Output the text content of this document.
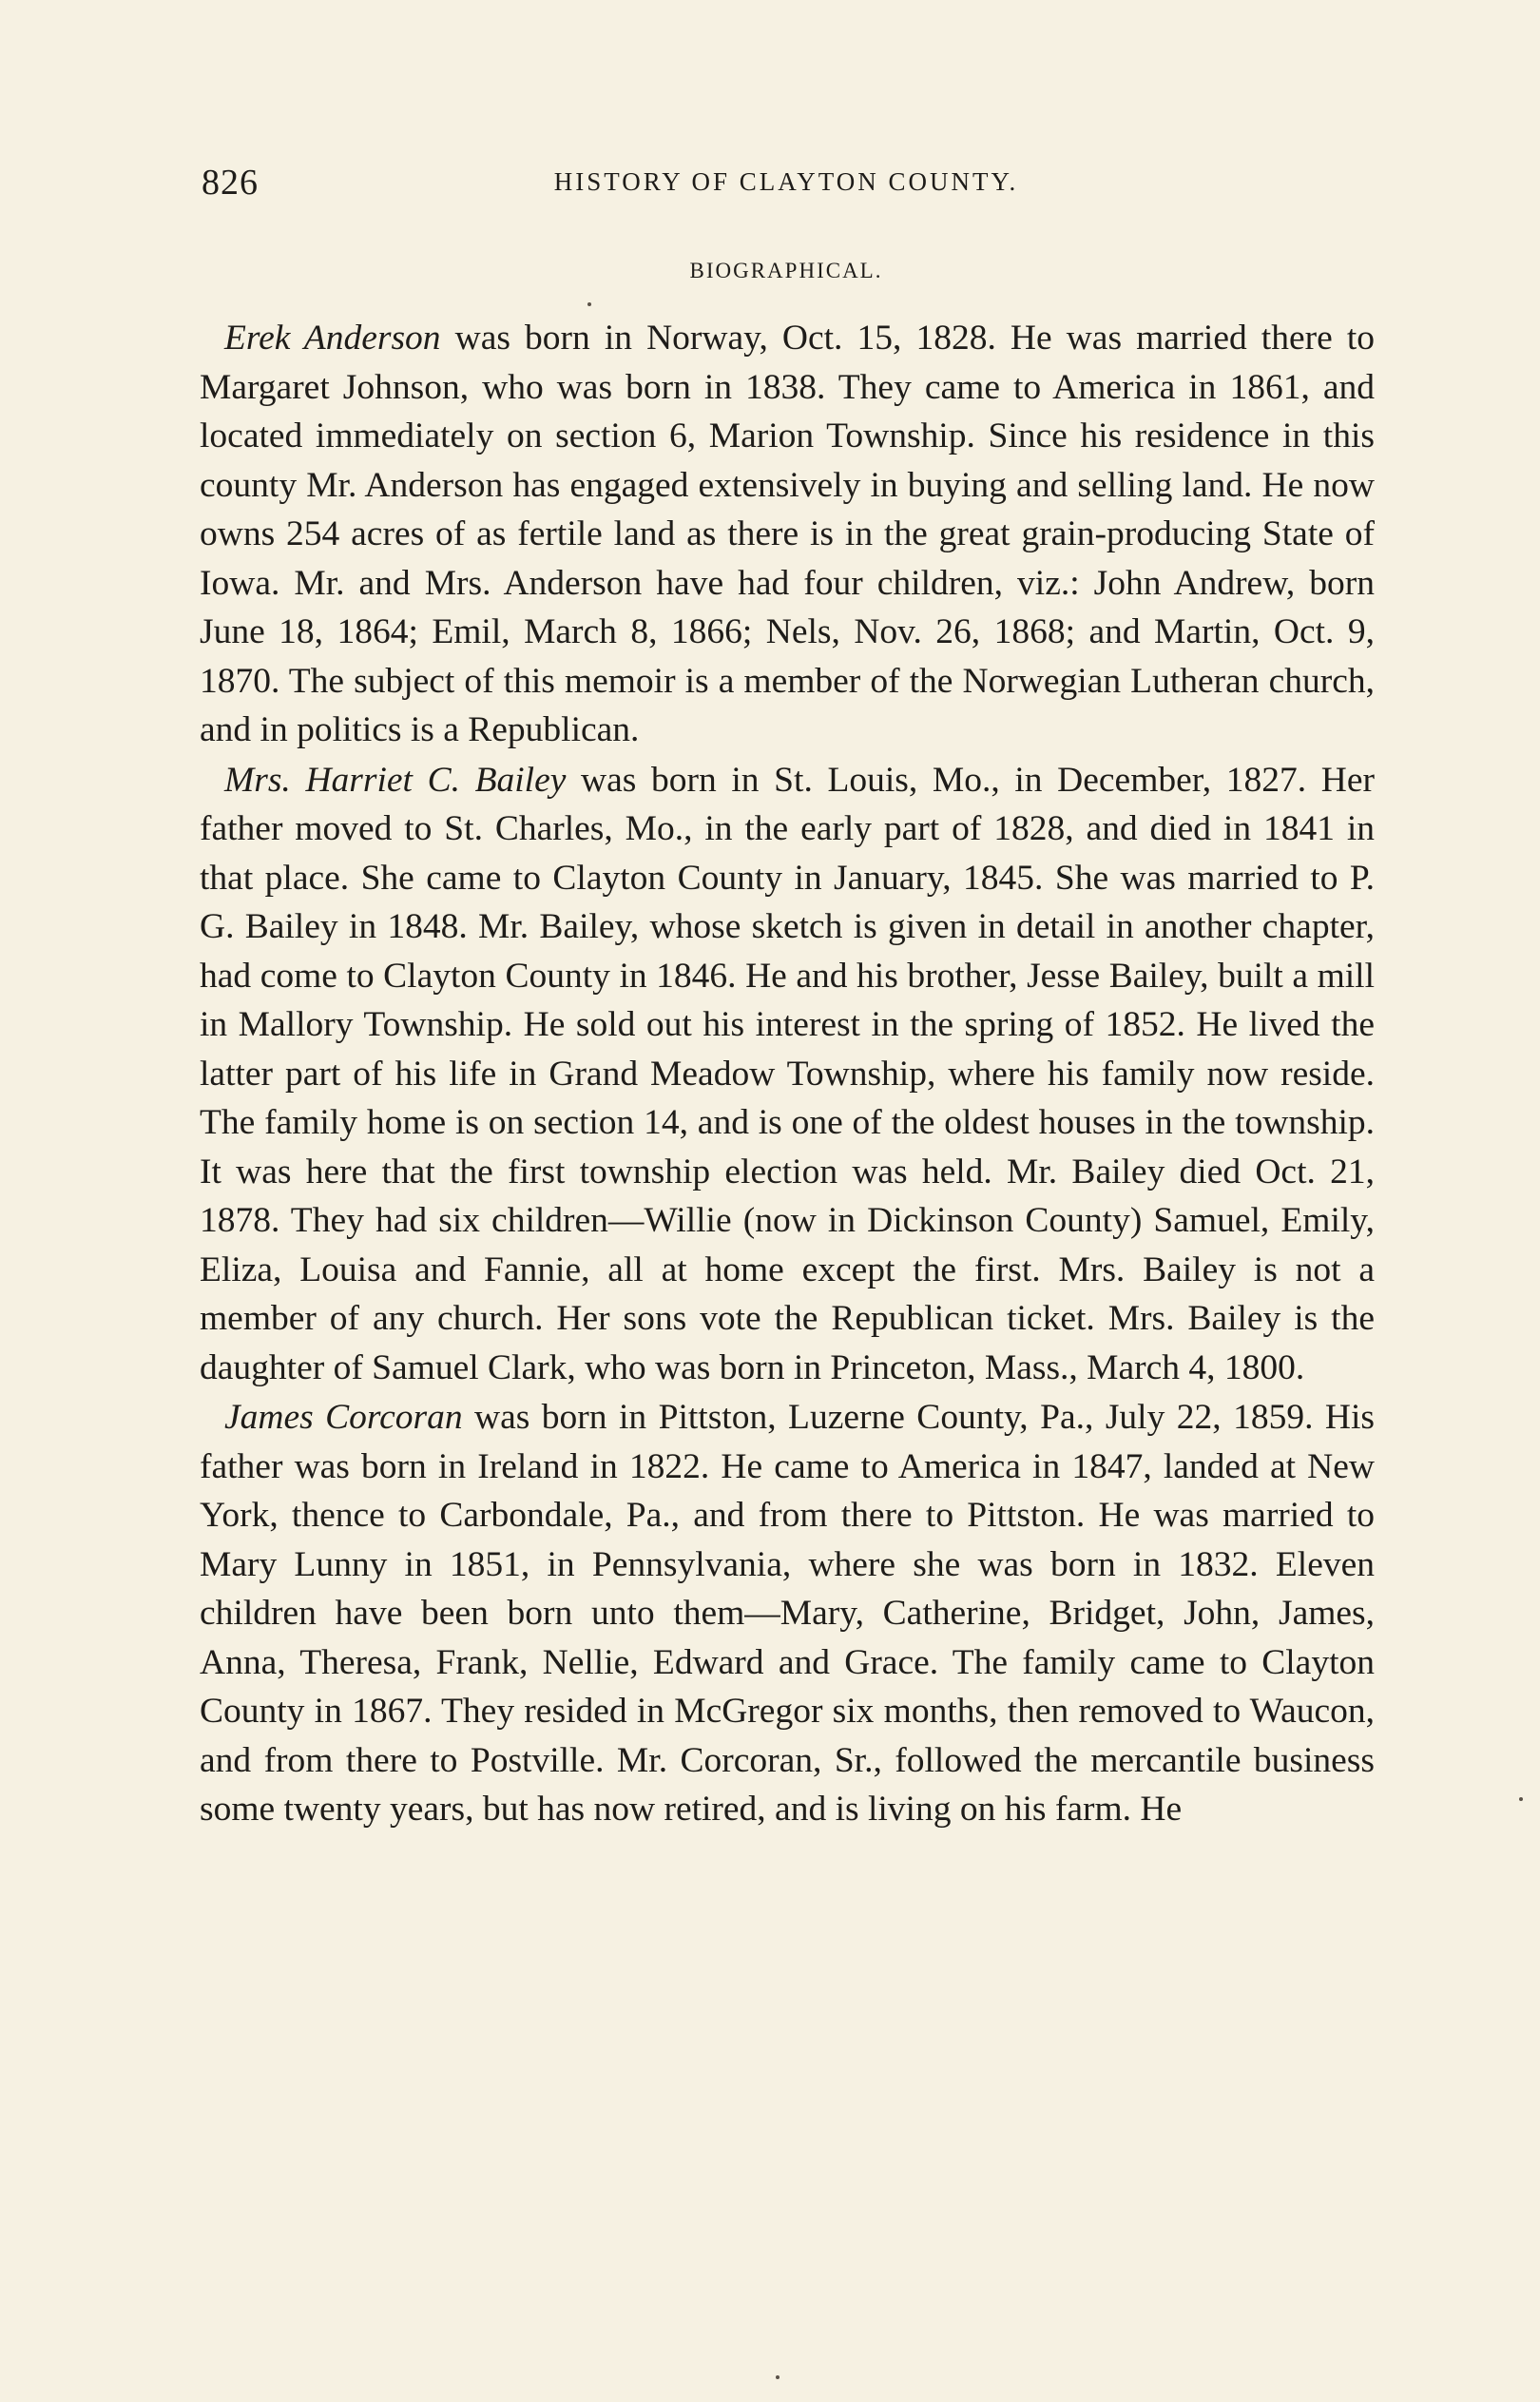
826	HISTORY OF CLAYTON COUNTY.
BIOGRAPHICAL.

Erek Anderson was born in Norway, Oct. 15, 1828. He was married there to Margaret Johnson, who was born in 1838. They came to America in 1861, and located immediately on section 6, Marion Township. Since his residence in this county Mr. Anderson has engaged extensively in buying and selling land. He now owns 254 acres of as fertile land as there is in the great grain-producing State of Iowa. Mr. and Mrs. Anderson have had four children, viz.: John Andrew, born June 18, 1864; Emil, March 8, 1866; Nels, Nov. 26, 1868; and Martin, Oct. 9, 1870. The subject of this memoir is a member of the Norwegian Lutheran church, and in politics is a Republican.

Mrs. Harriet C. Bailey was born in St. Louis, Mo., in December, 1827. Her father moved to St. Charles, Mo., in the early part of 1828, and died in 1841 in that place. She came to Clayton County in January, 1845. She was married to P. G. Bailey in 1848. Mr. Bailey, whose sketch is given in detail in another chapter, had come to Clayton County in 1846. He and his brother, Jesse Bailey, built a mill in Mallory Township. He sold out his interest in the spring of 1852. He lived the latter part of his life in Grand Meadow Township, where his family now reside. The family home is on section 14, and is one of the oldest houses in the township. It was here that the first township election was held. Mr. Bailey died Oct. 21, 1878. They had six children—Willie (now in Dickinson County) Samuel, Emily, Eliza, Louisa and Fannie, all at home except the first. Mrs. Bailey is not a member of any church. Her sons vote the Republican ticket. Mrs. Bailey is the daughter of Samuel Clark, who was born in Princeton, Mass., March 4, 1800.

James Corcoran was born in Pittston, Luzerne County, Pa., July 22, 1859. His father was born in Ireland in 1822. He came to America in 1847, landed at New York, thence to Carbondale, Pa., and from there to Pittston. He was married to Mary Lunny in 1851, in Pennsylvania, where she was born in 1832. Eleven children have been born unto them—Mary, Catherine, Bridget, John, James, Anna, Theresa, Frank, Nellie, Edward and Grace. The family came to Clayton County in 1867. They resided in McGregor six months, then removed to Waucon, and from there to Postville. Mr. Corcoran, Sr., followed the mercantile business some twenty years, but has now retired, and is living on his farm. He
